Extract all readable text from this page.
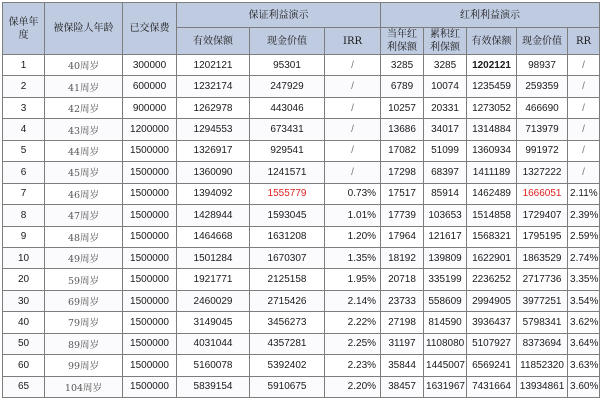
保单年度	被保险人年龄	已交保费	保证利益演示			红利利益演示				
			有效保额	现金价值	IRR	当年红利保额	累积红利保额	有效保额	现金价值	RR
1	40周岁	300000	1202121	95301	/	3285	3285	1202121	98937	/
2	41周岁	600000	1232174	247929	/	6789	10074	1235459	259359	/
3	42周岁	900000	1262978	443046	/	10257	20331	1273052	466690	/
4	43周岁	1200000	1294553	673431	/	13686	34017	1314884	713979	/
5	44周岁	1500000	1326917	929541	/	17082	51099	1360934	991972	/
6	45周岁	1500000	1360090	1241571	/	17298	68397	1411189	1327222	/
7	46周岁	1500000	1394092	1555779	0.73%	17517	85914	1462489	1666051	2.11%
8	47周岁	1500000	1428944	1593045	1.01%	17739	103653	1514858	1729407	2.39%
9	48周岁	1500000	1464668	1631208	1.20%	17964	121617	1568321	1795195	2.59%
10	49周岁	1500000	1501284	1670307	1.35%	18192	139809	1622901	1863529	2.74%
20	59周岁	1500000	1921771	2125158	1.95%	20718	335199	2236252	2717736	3.35%
30	69周岁	1500000	2460029	2715426	2.14%	23733	558609	2994905	3977251	3.54%
40	79周岁	1500000	3149045	3456273	2.22%	27198	814590	3936437	5798341	3.62%
50	89周岁	1500000	4031044	4357281	2.25%	31197	1108080	5107927	8373694	3.64%
60	99周岁	1500000	5160078	5392402	2.23%	35844	1445007	6569241	11852320	3.63%
65	104周岁	1500000	5839154	5910675	2.20%	38457	1631967	7431664	13934861	3.60%
